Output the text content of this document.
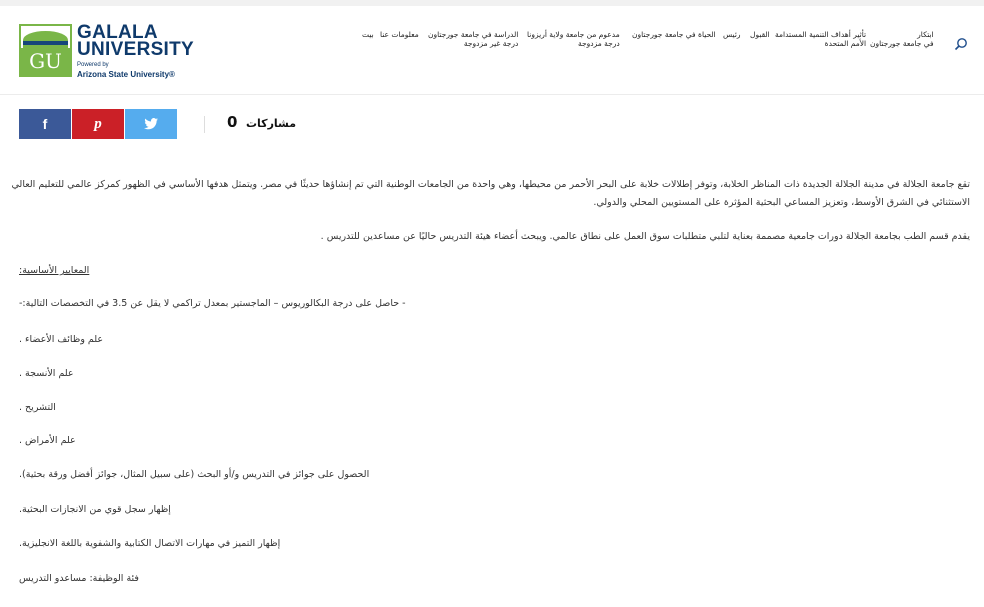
GU
GALALA
UNIVERSITY
Powered by
Arizona State University®
بيت معلومات عنا الدراسة في جامعة جورجتاون
درجة غير مزدوجة
مدعوم من جامعة ولاية أريزونا
درجة مزدوجة
الحياة في جامعة جورجتاون رئيس القبول تأثير أهداف التنمية المستدامة
الأمم المتحدة
ابتكار
في جامعة جورجتاون
f	p	0 مشاركات
تقع جامعة الجلالة في مدينة الجلالة الجديدة ذات المناظر الخلابة، وتوفر إطلالات خلابة على البحر الأحمر من محيطها، وهي واحدة من الجامعات الوطنية التي تم إنشاؤها حديثًا في مصر. ويتمثل هدفها الأساسي في الظهور كمركز عالمي للتعليم العالي الاستثنائي في الشرق الأوسط، وتعزيز المساعي البحثية المؤثرة على المستويين المحلي والدولي.
يقدم قسم الطب بجامعة الجلالة دورات جامعية مصممة بعناية لتلبي متطلبات سوق العمل على نطاق عالمي. ويبحث أعضاء هيئة التدريس حاليًا عن مساعدين للتدريس .
المعايير الأساسية:
- حاصل على درجة البكالوريوس – الماجستير بمعدل تراكمي لا يقل عن 3.5 في التخصصات التالية:-
علم وظائف الأعضاء .
علم الأنسجة .
التشريح .
علم الأمراض .
الحصول على جوائز في التدريس و/أو البحث (على سبيل المثال، جوائز أفضل ورقة بحثية).
إظهار سجل قوي من الانجازات البحثية.
إظهار التميز في مهارات الاتصال الكتابية والشفوية باللغة الانجليزية.
فئة الوظيفة: مساعدو التدريس
